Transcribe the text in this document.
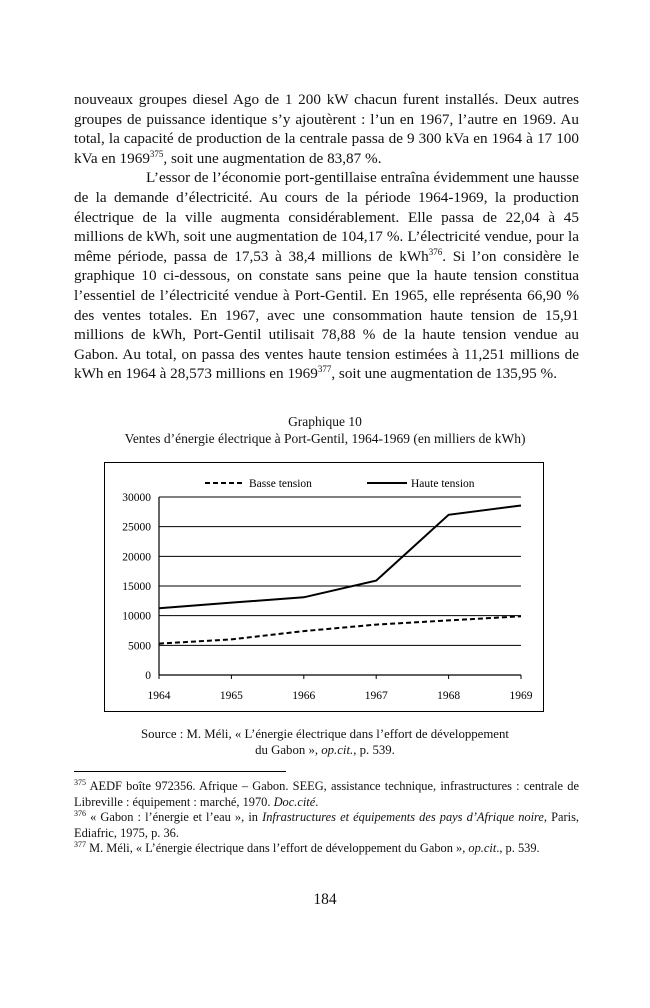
nouveaux groupes diesel Ago de 1 200 kW chacun furent installés. Deux autres groupes de puissance identique s’y ajoutèrent : l’un en 1967, l’autre en 1969. Au total, la capacité de production de la centrale passa de 9 300 kVa en 1964 à 17 100 kVa en 1969$^{375}$, soit une augmentation de 83,87 %.

L’essor de l’économie port-gentillaise entraîna évidemment une hausse de la demande d’électricité. Au cours de la période 1964-1969, la production électrique de la ville augmenta considérablement. Elle passa de 22,04 à 45 millions de kWh, soit une augmentation de 104,17 %. L’électricité vendue, pour la même période, passa de 17,53 à 38,4 millions de kWh$^{376}$. Si l’on considère le graphique 10 ci-dessous, on constate sans peine que la haute tension constitua l’essentiel de l’électricité vendue à Port-Gentil. En 1965, elle représenta 66,90 % des ventes totales. En 1967, avec une consommation haute tension de 15,91 millions de kWh, Port-Gentil utilisait 78,88 % de la haute tension vendue au Gabon. Au total, on passa des ventes haute tension estimées à 11,251 millions de kWh en 1964 à 28,573 millions en 1969$^{377}$, soit une augmentation de 135,95 %.

Graphique 10
Ventes d’énergie électrique à Port-Gentil, 1964-1969 (en milliers de kWh)
0
5000
10000
15000
20000
25000
30000
1964	1965	1966	1967	1968	1969
Basse tension	Haute tension
Source : M. Méli, « L’énergie électrique dans l’effort de développement
du Gabon », op.cit., p. 539.

$^{375}$ AEDF boîte 972356. Afrique – Gabon. SEEG, assistance technique, infrastructures : centrale de Libreville : équipement : marché, 1970. Doc.cité.

$^{376}$ « Gabon : l’énergie et l’eau », in Infrastructures et équipements des pays d’Afrique noire, Paris, Ediafric, 1975, p. 36.

$^{377}$ M. Méli, « L’énergie électrique dans l’effort de développement du Gabon », op.cit., p. 539.

184
